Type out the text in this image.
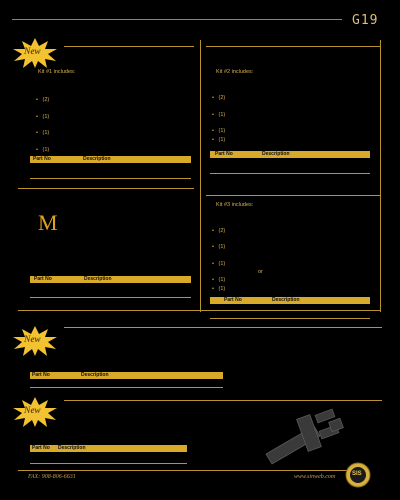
G19
New
Kit #1 includes:
• (2)
• (1)
• (1)
• (1)
Part No	Description
Kit #2 includes:
• (2)
• (1)
• (1)
• (1)
Part No	Description
M
Part No	Description
Kit #3 includes:
• (2)
• (1)
• (1)
or
• (1)
• (1)
Part No	Description
New
Part No	Description
New
Part No Description
FAX: 908-806-6631	www.sinweb.com	SIS
